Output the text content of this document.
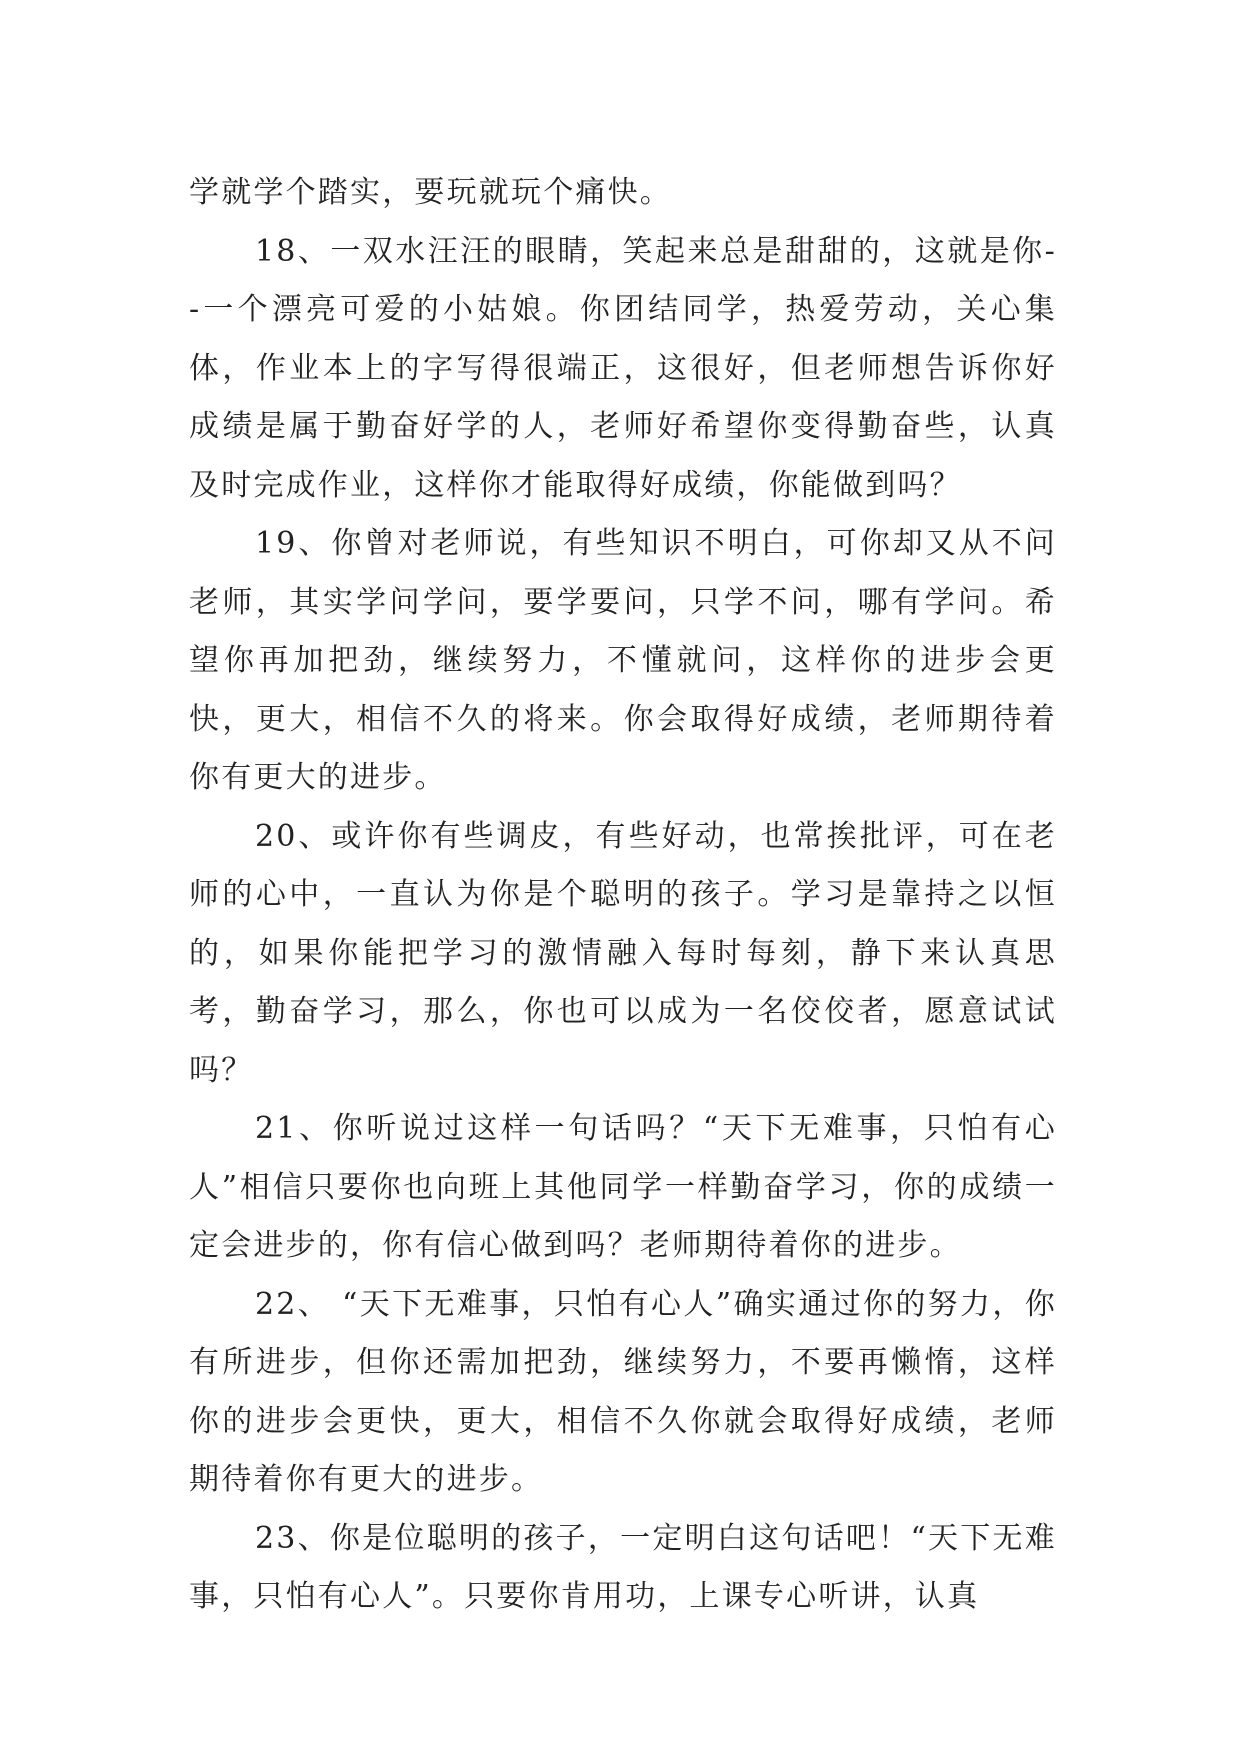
学就学个踏实，要玩就玩个痛快。

18、一双水汪汪的眼睛，笑起来总是甜甜的，这就是你--一个漂亮可爱的小姑娘。你团结同学，热爱劳动，关心集体，作业本上的字写得很端正，这很好，但老师想告诉你好成绩是属于勤奋好学的人，老师好希望你变得勤奋些，认真及时完成作业，这样你才能取得好成绩，你能做到吗？

19、你曾对老师说，有些知识不明白，可你却又从不问老师，其实学问学问，要学要问，只学不问，哪有学问。希望你再加把劲，继续努力，不懂就问，这样你的进步会更快，更大，相信不久的将来。你会取得好成绩，老师期待着你有更大的进步。

20、或许你有些调皮，有些好动，也常挨批评，可在老师的心中，一直认为你是个聪明的孩子。学习是靠持之以恒的，如果你能把学习的激情融入每时每刻，静下来认真思考，勤奋学习，那么，你也可以成为一名佼佼者，愿意试试吗？

21、你听说过这样一句话吗？“天下无难事，只怕有心人”相信只要你也向班上其他同学一样勤奋学习，你的成绩一定会进步的，你有信心做到吗？老师期待着你的进步。

22、 “天下无难事，只怕有心人”确实通过你的努力，你有所进步，但你还需加把劲，继续努力，不要再懒惰，这样你的进步会更快，更大，相信不久你就会取得好成绩，老师期待着你有更大的进步。

23、你是位聪明的孩子，一定明白这句话吧！“天下无难事，只怕有心人”。只要你肯用功，上课专心听讲，认真
